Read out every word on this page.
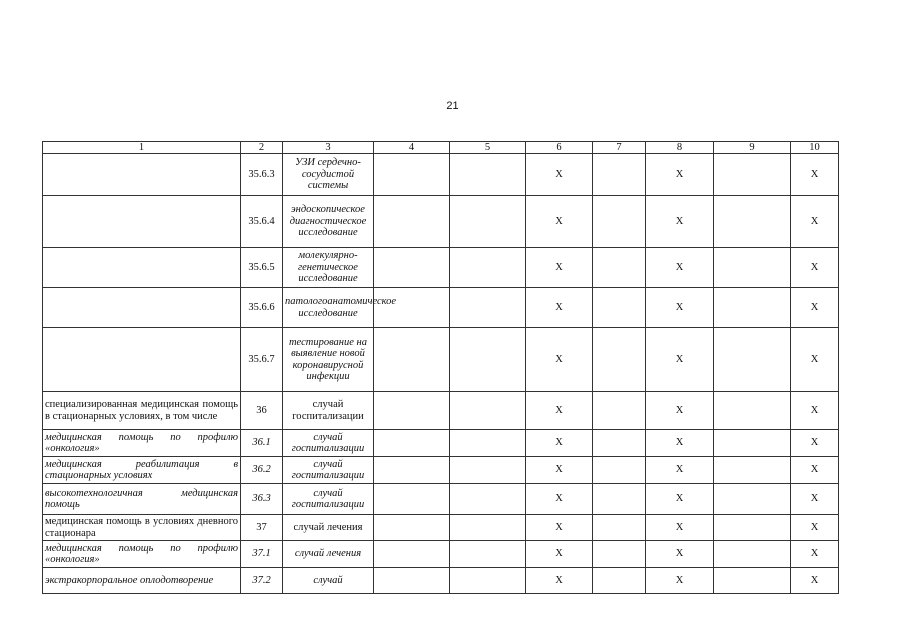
21
1	2	3	4	5	6	7	8	9	10
	35.6.3	УЗИ сердечно-сосудистой системы			X		X		X
	35.6.4	эндоскопическое диагностическое исследование			X		X		X
	35.6.5	молекулярно-генетическое исследование			X		X		X
	35.6.6	патологоанатомическое исследование			X		X		X
	35.6.7	тестирование на выявление новой коронавирусной инфекции			X		X		X
специализированная медицинская помощь в стационарных условиях, в том числе	36	случай госпитализации			X		X		X
медицинская помощь по профилю «онкология»	36.1	случай госпитализации			X		X		X
медицинская реабилитация в стационарных условиях	36.2	случай госпитализации			X		X		X
высокотехнологичная медицинская помощь	36.3	случай госпитализации			X		X		X
медицинская помощь в условиях дневного стационара	37	случай лечения			X		X		X
медицинская помощь по профилю «онкология»	37.1	случай лечения			X		X		X
экстракорпоральное оплодотворение	37.2	случай			X		X		X
